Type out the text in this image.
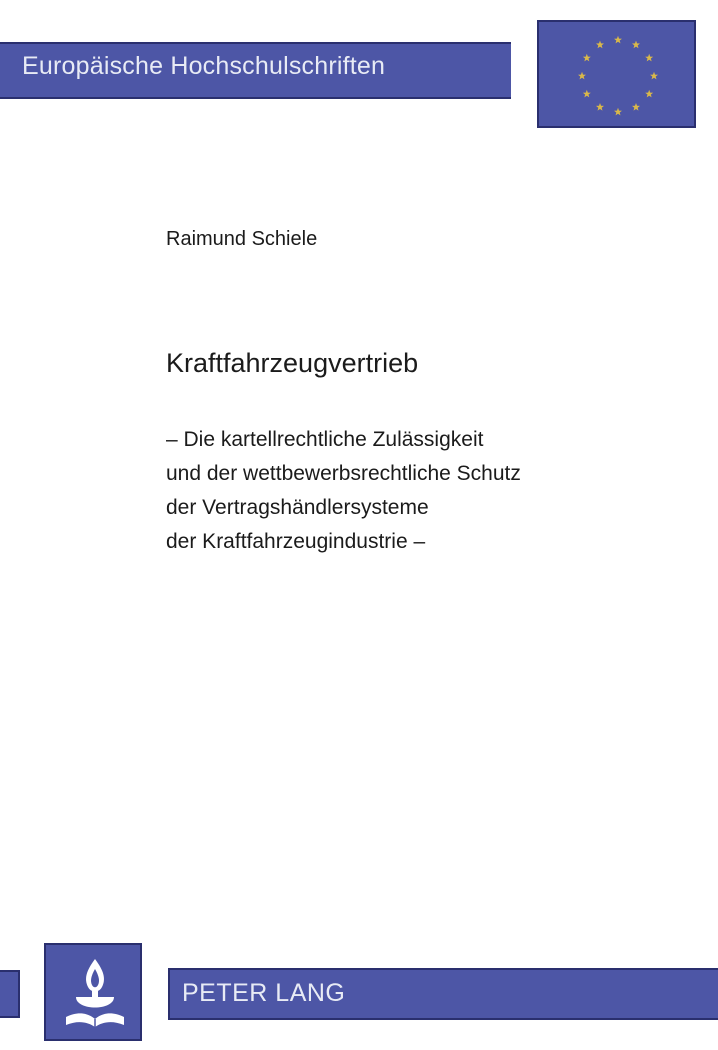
Europäische Hochschulschriften
Raimund Schiele
Kraftfahrzeugvertrieb
– Die kartellrechtliche Zulässigkeit
und der wettbewerbsrechtliche Schutz
der Vertragshändlersysteme
der Kraftfahrzeugindustrie –
PETER LANG
